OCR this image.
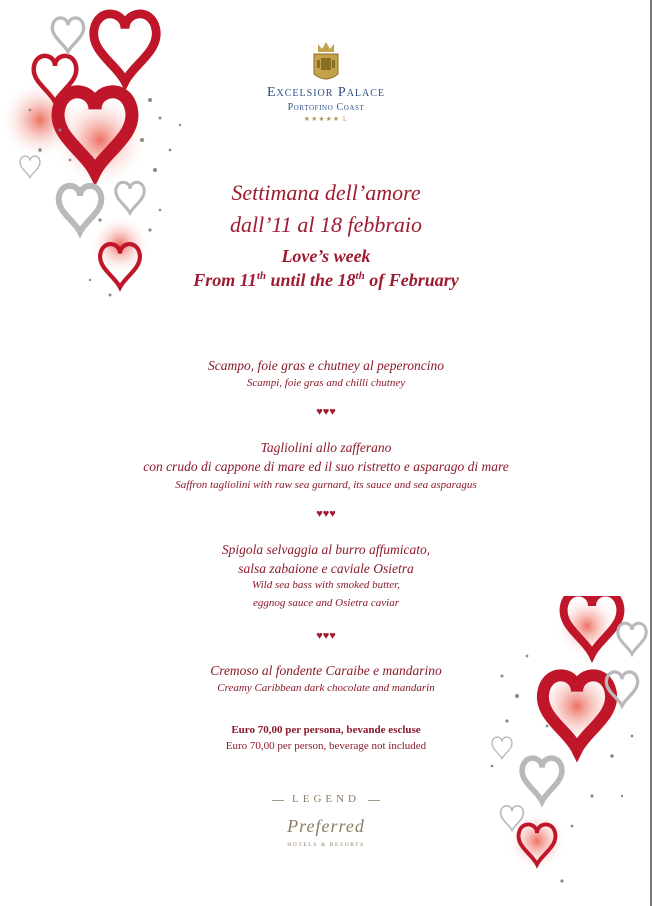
Excelsior Palace
Portofino Coast
★★★★★ L
Settimana dell’amore
dall’11 al 18 febbraio
Love’s week
From 11th until the 18th of February
Scampo, foie gras e chutney al peperoncino
Scampi, foie gras and chilli chutney
♥♥♥
Tagliolini allo zafferano
con crudo di cappone di mare ed il suo ristretto e asparago di mare
Saffron tagliolini with raw sea gurnard, its sauce and sea asparagus
♥♥♥
Spigola selvaggia al burro affumicato,
salsa zabaione e caviale Osietra
Wild sea bass with smoked butter,
eggnog sauce and Osietra caviar
♥♥♥
Cremoso al fondente Caraibe e mandarino
Creamy Caribbean dark chocolate and mandarin
Euro 70,00 per persona, bevande escluse
Euro 70,00 per person, beverage not included
LEGEND
Preferred
HOTELS & RESORTS
